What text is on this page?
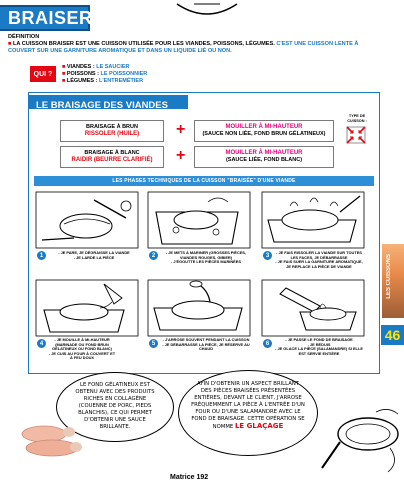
BRAISER
DÉFINITION
■ LA CUISSON BRAISER EST UNE CUISSON UTILISÉE POUR LES VIANDES, POISSONS, LÉGUMES. C'EST UNE CUISSON LENTE À COUVERT SUR UNE GARNITURE AROMATIQUE ET DANS UN LIQUIDE LIÉ OU NON.
QUI ?
■ VIANDES : LE SAUCIER
■ POISSONS : LE POISSONNIER
■ LÉGUMES : L'ENTREMÉTIER
LE BRAISAGE DES VIANDES
BRAISAGE À BRUN
RISSOLER (HUILE)	+	MOUILLER À MI-HAUTEUR
(SAUCE NON LIÉE, FOND BRUN GÉLATINEUX)
BRAISAGE À BLANC
RAIDIR (BEURRE CLARIFIÉ)	+	MOUILLER À MI-HAUTEUR
(SAUCE LIÉE, FOND BLANC)
TYPE DE CUISSON :
LES PHASES TECHNIQUES DE LA CUISSON "BRAISÉE" D'UNE VIANDE
1	- JE PARE, JE DÉGRAISSE LA VIANDE
- JE LARDE LA PIÈCE	2	- JE METS À MARINER (GROSSES PIÈCES, VIANDES ROUGES, GIBIER)
- J'ÉGOUTTE LES PIÈCES MARINÉES
3	- JE FAIS RISSOLER LA VIANDE SUR TOUTES LES FACES, JE DÉBARRASSE
- JE FAIS SUER LA GARNITURE AROMATIQUE, JE REPLACE LA PIÈCE DE VIANDE
4
- JE MOUILLE À MI-HAUTEUR (MARINADE OU FOND BRUN GÉLATINEUX OU FOND BLANC)
- JE CUIS AU FOUR À COUVERT ET À FEU DOUX
5
- J'ARROSE SOUVENT PENDANT LA CUISSON
- JE DÉBARRASSE LA PIÈCE, JE RÉSERVE AU CHAUD
6
- JE PASSE LE FOND DE BRAISAGE
- JE RÉDUIS
- JE GLACE LA PIÈCE (SALAMANDRE) SI ELLE EST SERVIE ENTIÈRE
LES CUISSONS
46
LE FOND GÉLATINEUX EST OBTENU AVEC DES PRODUITS RICHES EN COLLAGÈNE (COUENNE DE PORC, PIEDS BLANCHIS), CE QUI PERMET D'OBTENIR UNE SAUCE BRILLANTE.
AFIN D'OBTENIR UN ASPECT BRILLANT DES PIÈCES BRAISÉES PRÉSENTÉES ENTIÈRES, DEVANT LE CLIENT, J'ARROSE FRÉQUEMMENT LA PIÈCE À L'ENTRÉE D'UN FOUR OU D'UNE SALAMANDRE AVEC LE FOND DE BRAISAGE. CETTE OPÉRATION SE NOMME LE GLAÇAGE
Matrice 192
